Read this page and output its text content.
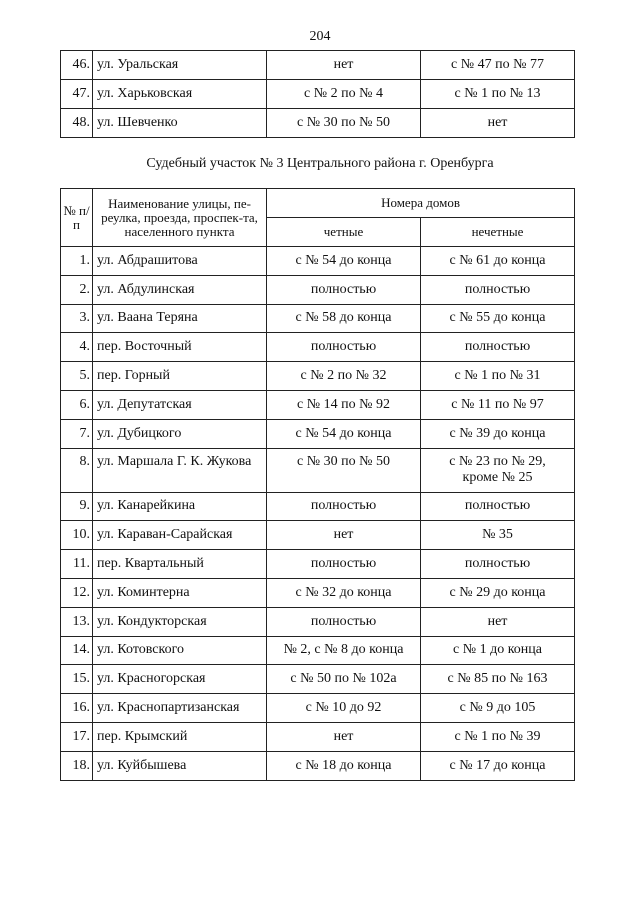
204
46.	ул. Уральская	нет	с № 47 по № 77

47.	ул. Харьковская	с № 2 по № 4	с № 1 по № 13

48.	ул. Шевченко	с № 30 по № 50	нет
Судебный участок № 3 Центрального района г. Оренбурга
№ п/п	Наименование улицы, пе-реулка, проезда, проспек-та, населенного пункта	Номера домов	
		четные	нечетные
1.	ул. Абдрашитова	с № 54 до конца	с № 61 до конца

2.	ул. Абдулинская	полностью	полностью

3.	ул. Ваана Теряна	с № 58 до конца	с № 55 до конца

4.	пер. Восточный	полностью	полностью

5.	пер. Горный	с № 2 по № 32	с № 1 по № 31

6.	ул. Депутатская	с № 14 по № 92	с № 11 по № 97

7.	ул. Дубицкого	с № 54 до конца	с № 39 до конца

8.	ул. Маршала Г. К. Жукова	с № 30 по № 50	с № 23 по № 29,
кроме № 25

9.	ул. Канарейкина	полностью	полностью

10.	ул. Караван-Сарайская	нет	№ 35

11.	пер. Квартальный	полностью	полностью

12.	ул. Коминтерна	с № 32 до конца	с № 29 до конца

13.	ул. Кондукторская	полностью	нет

14.	ул. Котовского	№ 2, с № 8 до конца	с № 1 до конца

15.	ул. Красногорская	с № 50 по № 102а	с № 85 по № 163

16.	ул. Краснопартизанская	с № 10 до 92	с № 9 до 105

17.	пер. Крымский	нет	с № 1 по № 39

18.	ул. Куйбышева	с № 18 до конца	с № 17 до конца
